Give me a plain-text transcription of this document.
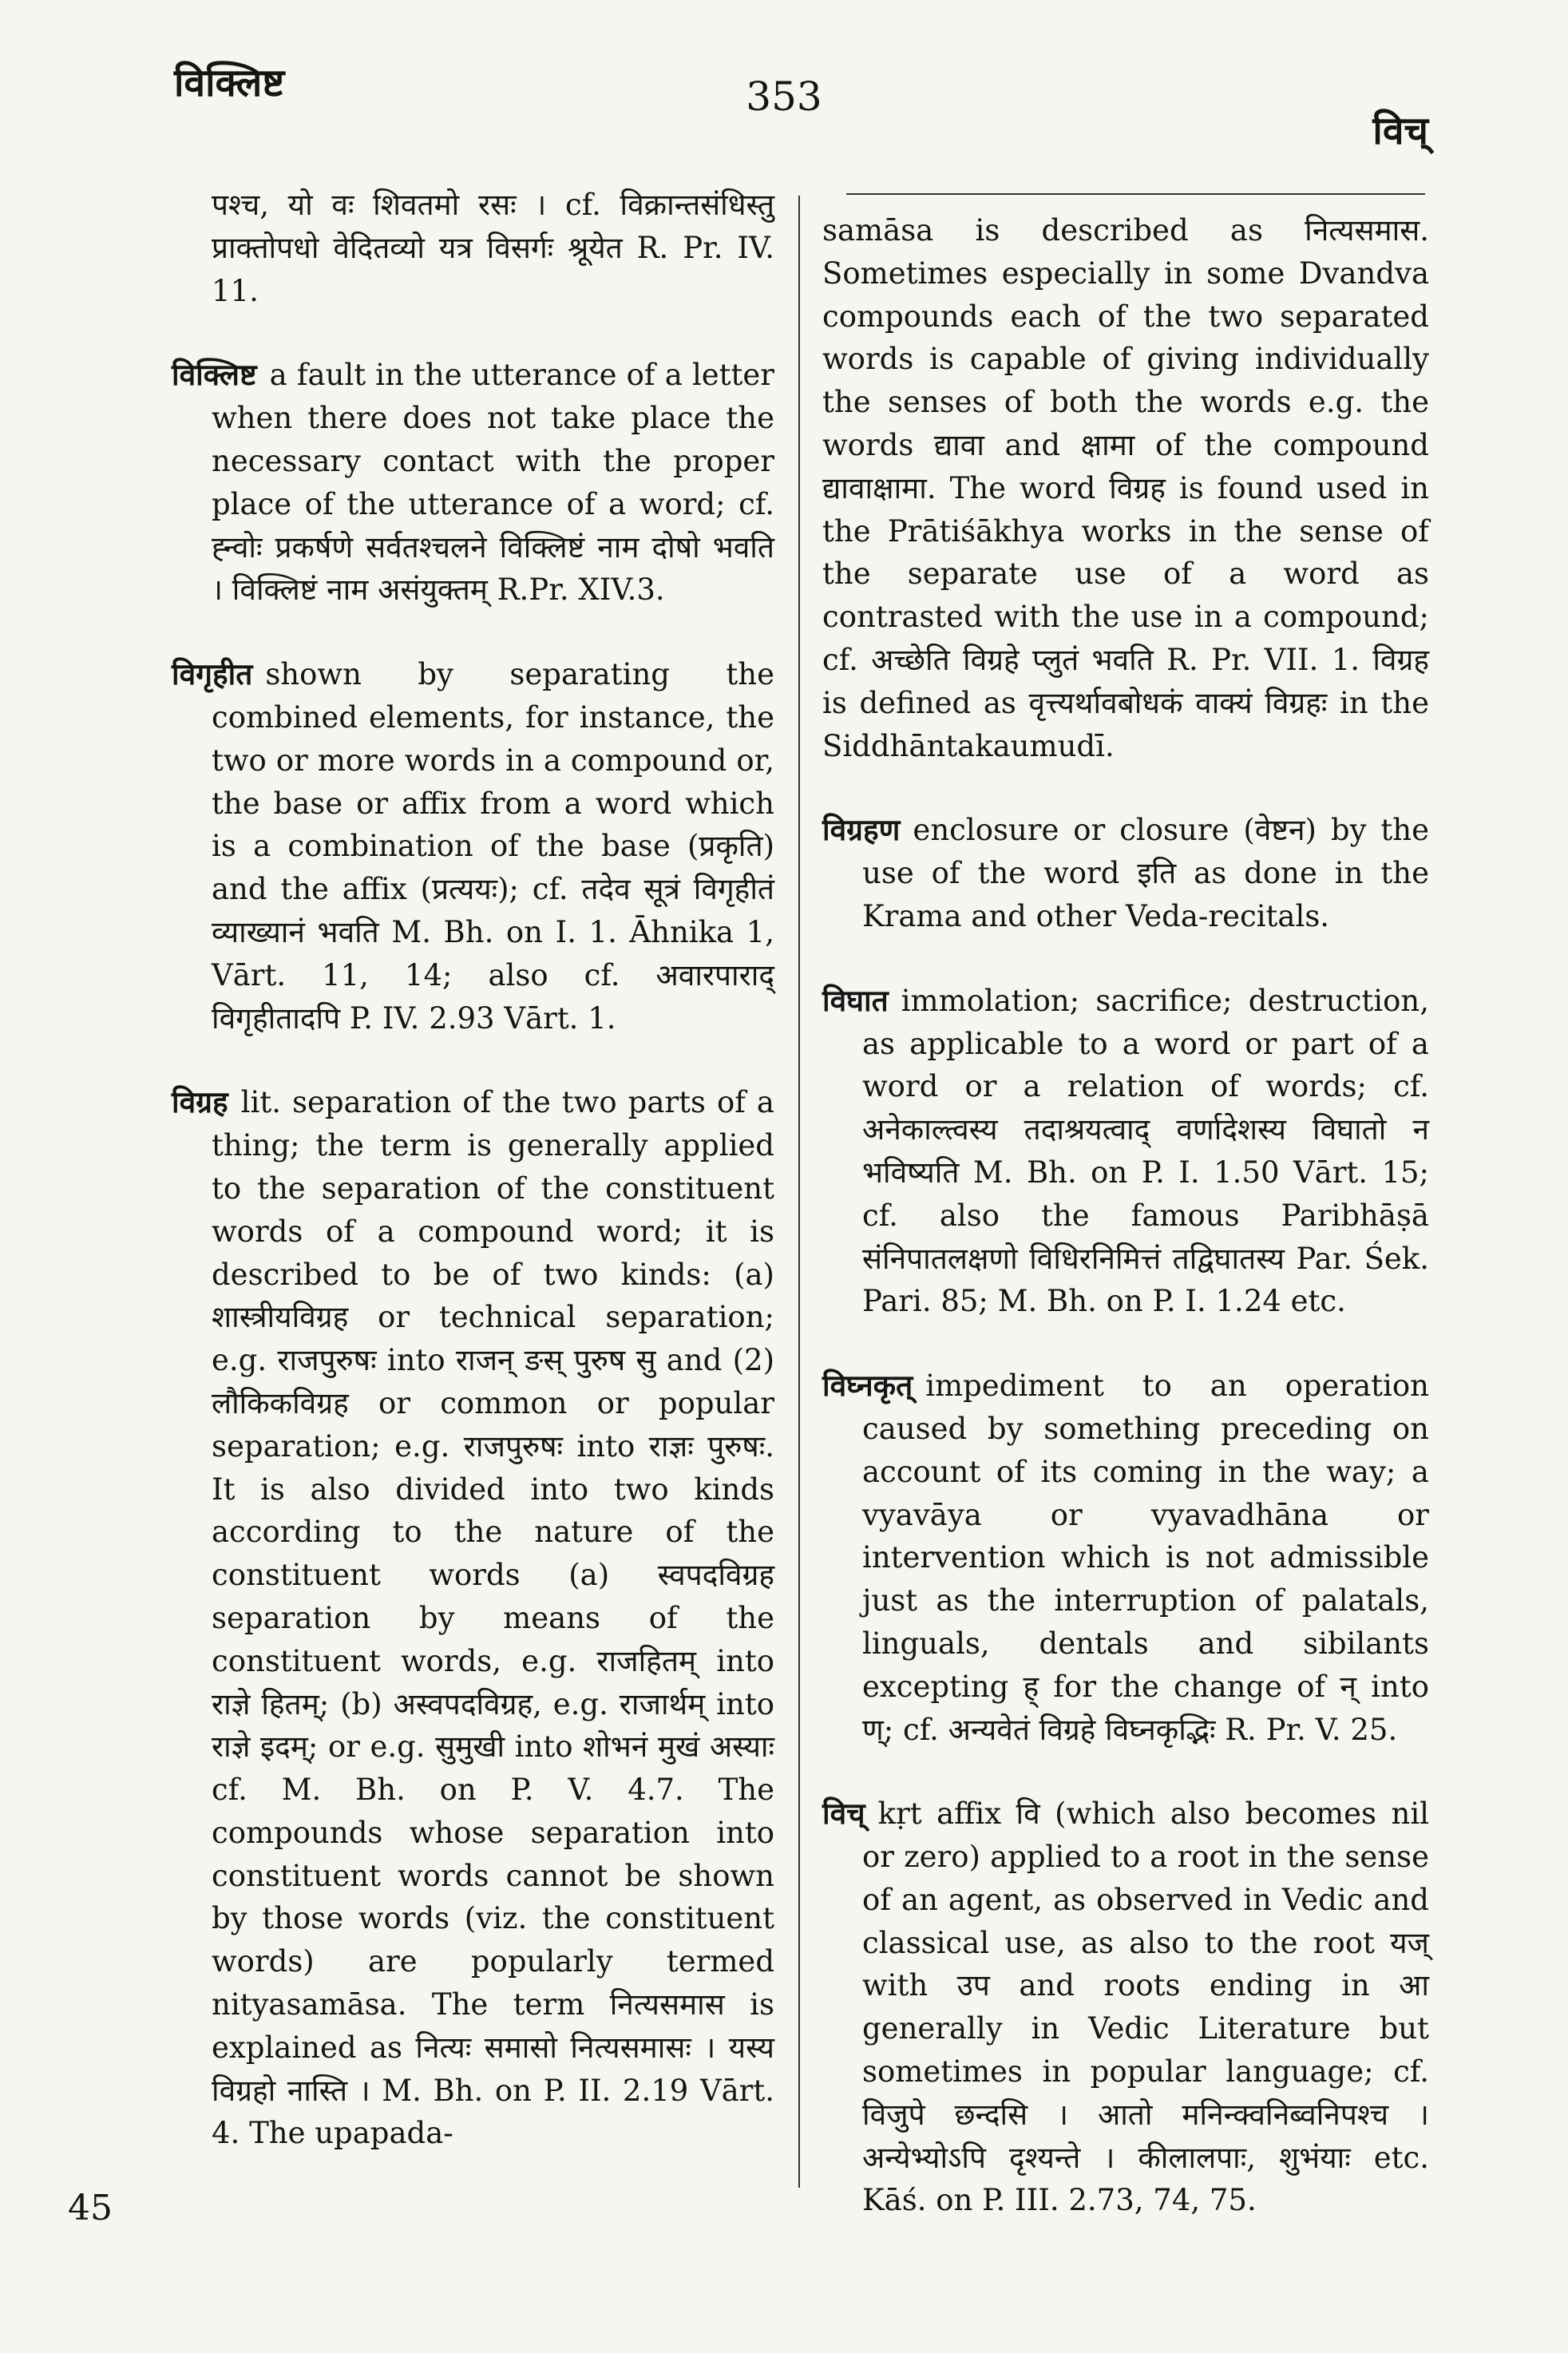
विक्लिष्ट	353
विच्

पश्च, यो वः शिवतमो रसः । cf. विक्रान्तसंधिस्तु प्राक्तोपधो वेदितव्यो यत्र विसर्गः श्रूयेत R. Pr. IV. 11.

विक्लिष्ट a fault in the utterance of a letter when there does not take place the necessary contact with the proper place of the utterance of a word; cf. ह्न्वोः प्रकर्षणे सर्वतश्चलने विक्लिष्टं नाम दोषो भवति । विक्लिष्टं नाम असंयुक्तम् R.Pr. XIV.3.

विगृहीत shown by separating the combined elements, for instance, the two or more words in a compound or, the base or affix from a word which is a combination of the base (प्रकृति) and the affix (प्रत्ययः); cf. तदेव सूत्रं विगृहीतं व्याख्यानं भवति M. Bh. on I. 1. Āhnika 1, Vārt. 11, 14; also cf. अवारपाराद् विगृहीतादपि P. IV. 2.93 Vārt. 1.

विग्रह lit. separation of the two parts of a thing; the term is generally applied to the separation of the constituent words of a compound word; it is described to be of two kinds: (a) शास्त्रीयविग्रह or technical separation; e.g. राजपुरुषः into राजन् ङस् पुरुष सु and (2) लौकिकविग्रह or common or popular separation; e.g. राजपुरुषः into राज्ञः पुरुषः. It is also divided into two kinds according to the nature of the constituent words (a) स्वपदविग्रह separation by means of the constituent words, e.g. राजहितम् into राज्ञे हितम्; (b) अस्वपदविग्रह, e.g. राजार्थम् into राज्ञे इदम्; or e.g. सुमुखी into शोभनं मुखं अस्याः cf. M. Bh. on P. V. 4.7. The compounds whose separation into constituent words cannot be shown by those words (viz. the constituent words) are popularly termed nityasamāsa. The term नित्यसमास is explained as नित्यः समासो नित्यसमासः । यस्य विग्रहो नास्ति । M. Bh. on P. II. 2.19 Vārt. 4. The upapada-

samāsa is described as नित्यसमास. Sometimes especially in some Dvandva compounds each of the two separated words is capable of giving individually the senses of both the words e.g. the words द्यावा and क्षामा of the compound द्यावाक्षामा. The word विग्रह is found used in the Prātiśākhya works in the sense of the separate use of a word as contrasted with the use in a compound; cf. अच्छेति विग्रहे प्लुतं भवति R. Pr. VII. 1. विग्रह is defined as वृत्त्यर्थावबोधकं वाक्यं विग्रहः in the Siddhāntakaumudī.

विग्रहण enclosure or closure (वेष्टन) by the use of the word इति as done in the Krama and other Veda-recitals.

विघात immolation; sacrifice; destruction, as applicable to a word or part of a word or a relation of words; cf. अनेकाल्त्वस्य तदाश्रयत्वाद् वर्णादेशस्य विघातो न भविष्यति M. Bh. on P. I. 1.50 Vārt. 15; cf. also the famous Paribhāṣā संनिपातलक्षणो विधिरनिमित्तं तद्विघातस्य Par. Śek. Pari. 85; M. Bh. on P. I. 1.24 etc.

विघ्नकृत् impediment to an operation caused by something preceding on account of its coming in the way; a vyavāya or vyavadhāna or intervention which is not admissible just as the interruption of palatals, linguals, dentals and sibilants excepting ह् for the change of न् into ण्; cf. अन्यवेतं विग्रहे विघ्नकृद्भिः R. Pr. V. 25.

विच् kṛt affix वि (which also becomes nil or zero) applied to a root in the sense of an agent, as observed in Vedic and classical use, as also to the root यज् with उप and roots ending in आ generally in Vedic Literature but sometimes in popular language; cf. विजुपे छन्दसि । आतो मनिन्क्वनिब्वनिपश्च । अन्येभ्योऽपि दृश्यन्ते । कीलालपाः, शुभंयाः etc. Kāś. on P. III. 2.73, 74, 75.

45
